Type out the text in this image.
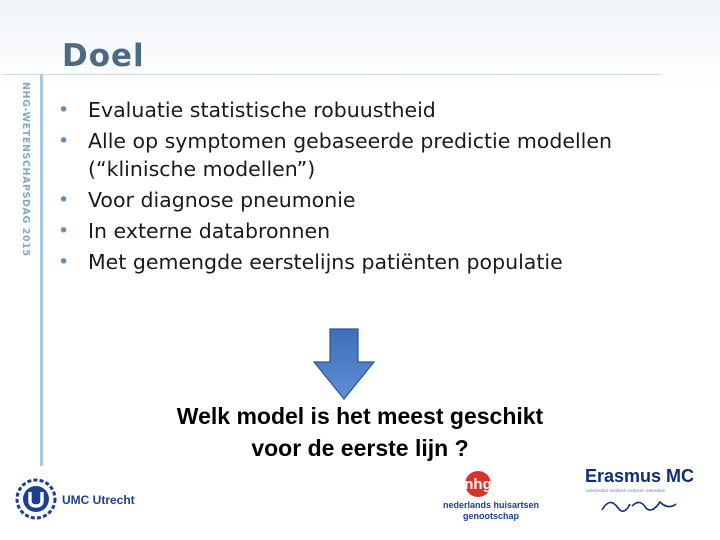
Doel
NHG-WETENSCHAPSDAG 2015 • Evaluatie statistische robuustheid
• Alle op symptomen gebaseerde predictie modellen (“klinische modellen”)
• Voor diagnose pneumonie
• In externe databronnen
• Met gemengde eerstelijns patiënten populatie
Welk model is het meest geschikt
voor de eerste lijn ?
UMC Utrecht
nhg
nederlands huisartsen
genootschap
Erasmus MC
universitair medisch centrum rotterdam
